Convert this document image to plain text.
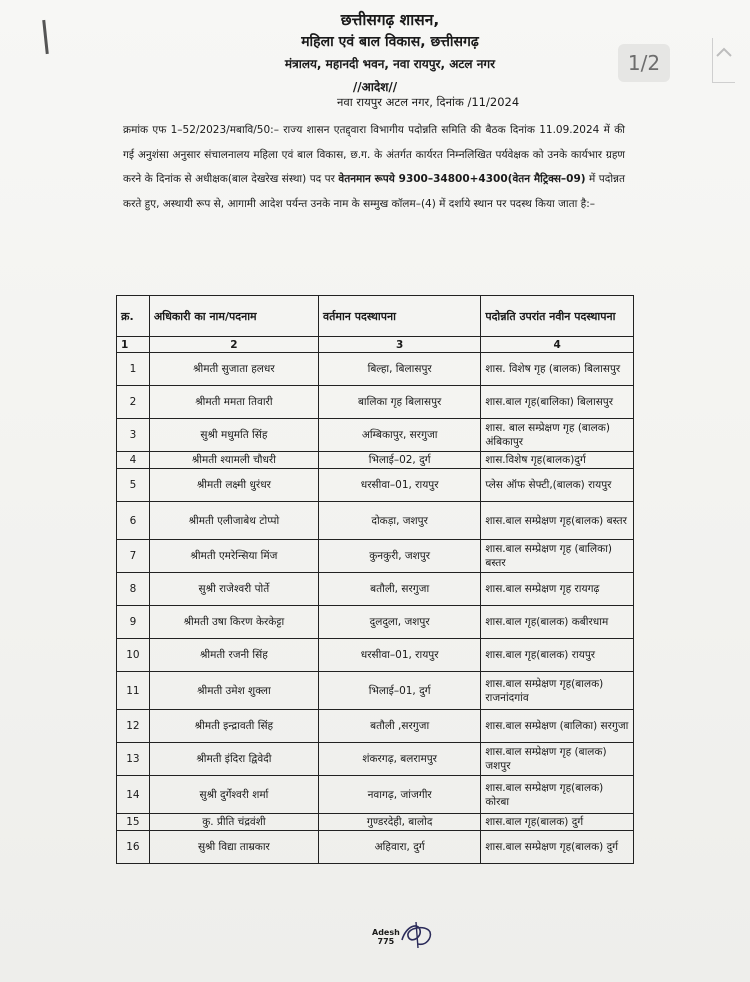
छत्तीसगढ़ शासन,
महिला एवं बाल विकास, छत्तीसगढ़
मंत्रालय, महानदी भवन, नवा रायपुर, अटल नगर
//आदेश//
नवा रायपुर अटल नगर, दिनांक /11/2024
1/2
क्रमांक एफ 1–52/2023/मबावि/50:– राज्य शासन एतद्द्वारा विभागीय पदोन्नति समिति की बैठक दिनांक 11.09.2024 में की गई अनुशंसा अनुसार संचालनालय महिला एवं बाल विकास, छ.ग. के अंतर्गत कार्यरत निम्नलिखित पर्यवेक्षक को उनके कार्यभार ग्रहण करने के दिनांक से अधीक्षक(बाल देखरेख संस्था) पद पर वेतनमान रूपये 9300–34800+4300(वेतन मैट्रिक्स–09) में पदोन्नत करते हुए, अस्थायी रूप से, आगामी आदेश पर्यन्त उनके नाम के सम्मुख कॉलम–(4) में दर्शाये स्थान पर पदस्थ किया जाता है:–
क्र.	अधिकारी का नाम/पदनाम	वर्तमान पदस्थापना	पदोन्नति उपरांत नवीन पदस्थापना
1	2	3	4
1	श्रीमती सुजाता हलधर	बिल्हा, बिलासपुर	शास. विशेष गृह (बालक) बिलासपुर
2	श्रीमती ममता तिवारी	बालिका गृह बिलासपुर	शास.बाल गृह(बालिका) बिलासपुर
3	सुश्री मधुमति सिंह	अम्बिकापुर, सरगुजा	शास. बाल सम्प्रेक्षण गृह (बालक) अंबिकापुर
4	श्रीमती श्यामली चौधरी	भिलाई–02, दुर्ग	शास.विशेष गृह(बालक)दुर्ग
5	श्रीमती लक्ष्मी धुरंधर	धरसीवा–01, रायपुर	प्लेस ऑफ सेफ्टी,(बालक) रायपुर
6	श्रीमती एलीजाबेथ टोप्पो	दोकड़ा, जशपुर	शास.बाल सम्प्रेक्षण गृह(बालक) बस्तर
7	श्रीमती एमरेन्सिया मिंज	कुनकुरी, जशपुर	शास.बाल सम्प्रेक्षण गृह (बालिका) बस्तर
8	सुश्री राजेश्वरी पोर्ते	बतौली, सरगुजा	शास.बाल सम्प्रेक्षण गृह रायगढ़
9	श्रीमती उषा किरण केरकेट्टा	दुलदुला, जशपुर	शास.बाल गृह(बालक) कबीरधाम
10	श्रीमती रजनी सिंह	धरसीवा–01, रायपुर	शास.बाल गृह(बालक) रायपुर
11	श्रीमती उमेश शुक्ला	भिलाई–01, दुर्ग	शास.बाल सम्प्रेक्षण गृह(बालक) राजनांदगांव
12	श्रीमती इन्द्रावती सिंह	बतौली ,सरगुजा	शास.बाल सम्प्रेक्षण (बालिका) सरगुजा
13	श्रीमती इंदिरा द्विवेदी	शंकरगढ़, बलरामपुर	शास.बाल सम्प्रेक्षण गृह (बालक) जशपुर
14	सुश्री दुर्गेश्वरी शर्मा	नवागढ़, जांजगीर	शास.बाल सम्प्रेक्षण गृह(बालक) कोरबा
15	कु. प्रीति चंद्रवंशी	गुण्डरदेही, बालोद	शास.बाल गृह(बालक) दुर्ग
16	सुश्री विद्या ताम्रकार	अहिवारा, दुर्ग	शास.बाल सम्प्रेक्षण गृह(बालक) दुर्ग
Adesh
775
